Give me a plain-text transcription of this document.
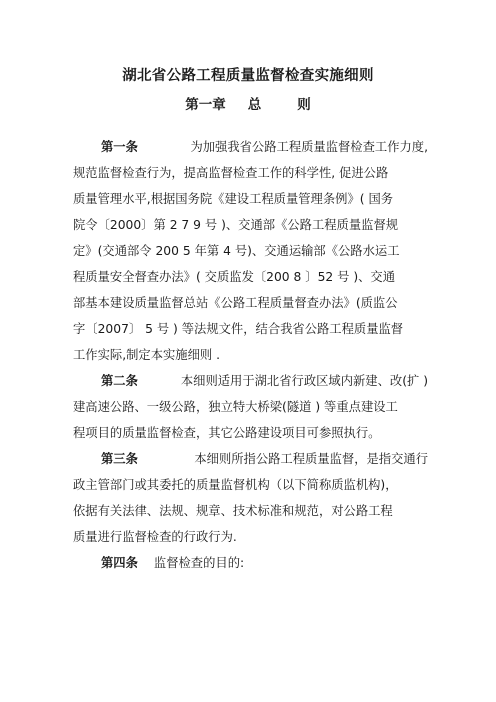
湖北省公路工程质量监督检查实施细则
第一章 总	则
第一条	为加强我省公路工程质量监督检查工作力度,
规范监督检查行为，提高监督检查工作的科学性, 促进公路
质量管理水平,根据国务院《建设工程质量管理条例》( 国务
院令〔2000〕第 2 7 9 号 )、交通部《公路工程质量监督规
定》(交通部令 200 5 年第 4 号)、交通运输部《公路水运工
程质量安全督查办法》( 交质监发〔200 8 〕52 号 )、交通
部基本建设质量监督总站《公路工程质量督查办法》(质监公
字〔2007〕 5 号 ) 等法规文件，结合我省公路工程质量监督
工作实际,制定本实施细则 .
第二条	本细则适用于湖北省行政区域内新建、改(扩 )
建高速公路、一级公路，独立特大桥梁(隧道 ) 等重点建设工
程项目的质量监督检查，其它公路建设项目可参照执行。
第三条	本细则所指公路工程质量监督，是指交通行
政主管部门或其委托的质量监督机构（以下简称质监机构)，
依据有关法律、法规、规章、技术标准和规范，对公路工程
质量进行监督检查的行政行为.
第四条 监督检查的目的:
